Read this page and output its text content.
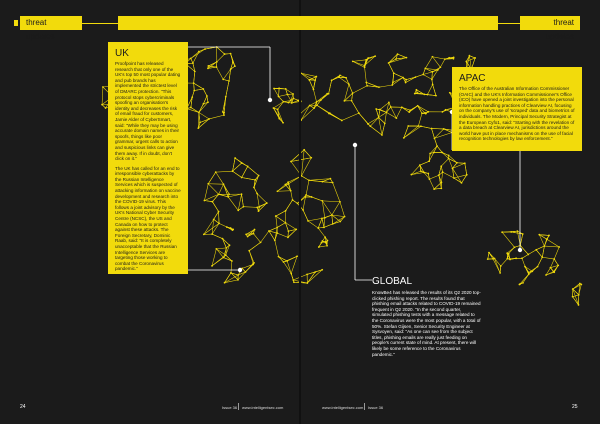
threat updates
threat updates
UK

Proofpoint has released research that only one of the UK's top 50 most popular dating and pub brands has implemented the strictest level of DMARC protection. "This protocol stops cybercriminals spoofing an organisation's identity and decreases the risk of email fraud for customers, Jamie Alder of CyberSmart, said: "While they may be using accurate domain names in their spoofs, things like poor grammar, urgent calls to action and suspicious links can give them away. If in doubt, don't click on it."

The UK has called for an end to irresponsible cyberattacks by the Russian Intelligence Services which is suspected of attacking information on vaccine development and research into the COVID-19 virus. This follows a joint advisory by the UK's National Cyber Security Centre (NCSC), the US and Canada on how to protect against these attacks. The Foreign Secretary, Dominic Raab, said: "It is completely unacceptable that the Russian Intelligence Services are targeting those working to combat the Coronavirus pandemic."

APAC

The Office of the Australian Information Commissioner (OAIC) and the UK's Information Commissioner's Office (ICO) have opened a joint investigation into the personal information handling practices of Clearview AI, focusing on the company's use of 'scraped' data and biometrics of individuals. The Modern, Principal Security Strategist at the European Cyfo1, said: "Starting with the revelation of a data breach at Clearview AI, jurisdictions around the world have put in place mechanisms on the use of facial recognition technologies by law enforcement."

GLOBAL

KnowBe4 has released the results of its Q2 2020 top-clicked phishing report. The results found that phishing email attacks related to COVID-19 remained frequent in Q2 2020. "In the second quarter, simulated phishing tests with a message related to the Coronavirus were the most popular, with a total of 50%. Stefan Gijsen, Senior Security Engineer at Sysvoyen, said: "As one can see from the subject titles, phishing emails are really just feeding on people's current state of mind. At present, there will likely be some reference to the Coronavirus pandemic."

24	Issue 36 www.intelligentsec.com	www.intelligentsec.com Issue 36	25
